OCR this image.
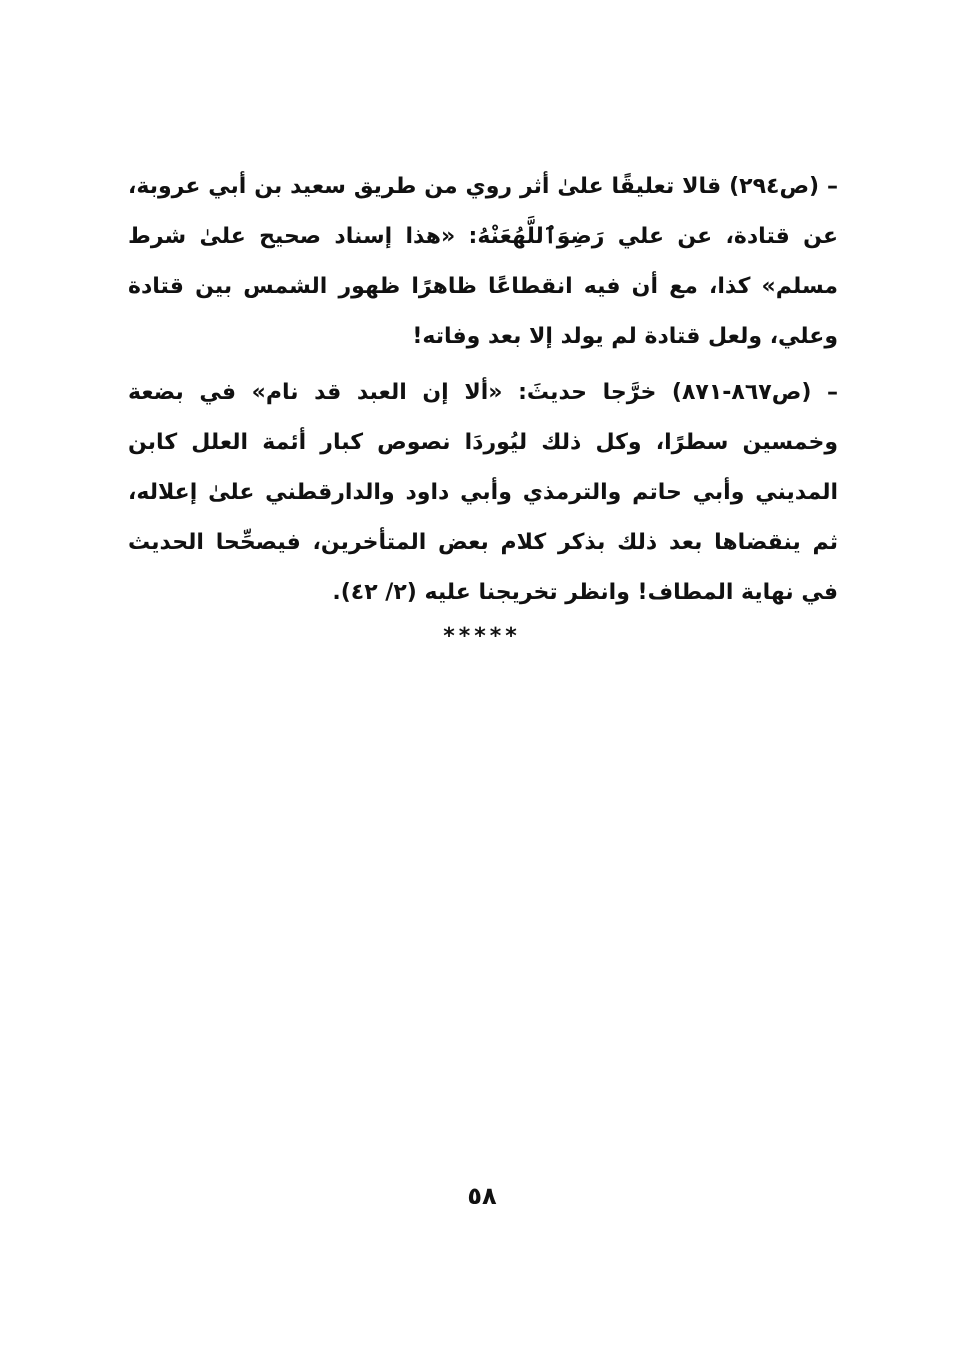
– (ص٢٩٤) قالا تعليقًا علىٰ أثر روي من طريق سعيد بن أبي عروبة، عن قتادة، عن علي رَضِوَٱللَّهُعَنْهُ: «هذا إسناد صحيح علىٰ شرط مسلم» كذا، مع أن فيه انقطاعًا ظاهرًا ظهور الشمس بين قتادة وعلي، ولعل قتادة لم يولد إلا بعد وفاته!

– (ص٨٦٧-٨٧١) خرَّجا حديثَ: «ألا إن العبد قد نام» في بضعة وخمسين سطرًا، وكل ذلك ليُوردَا نصوص كبار أئمة العلل كابن المديني وأبي حاتم والترمذي وأبي داود والدارقطني علىٰ إعلاله، ثم ينقضاها بعد ذلك بذكر كلام بعض المتأخرين، فيصحِّحا الحديث في نهاية المطاف! وانظر تخريجنا عليه (٢/ ٤٢).

*****
٥٨
